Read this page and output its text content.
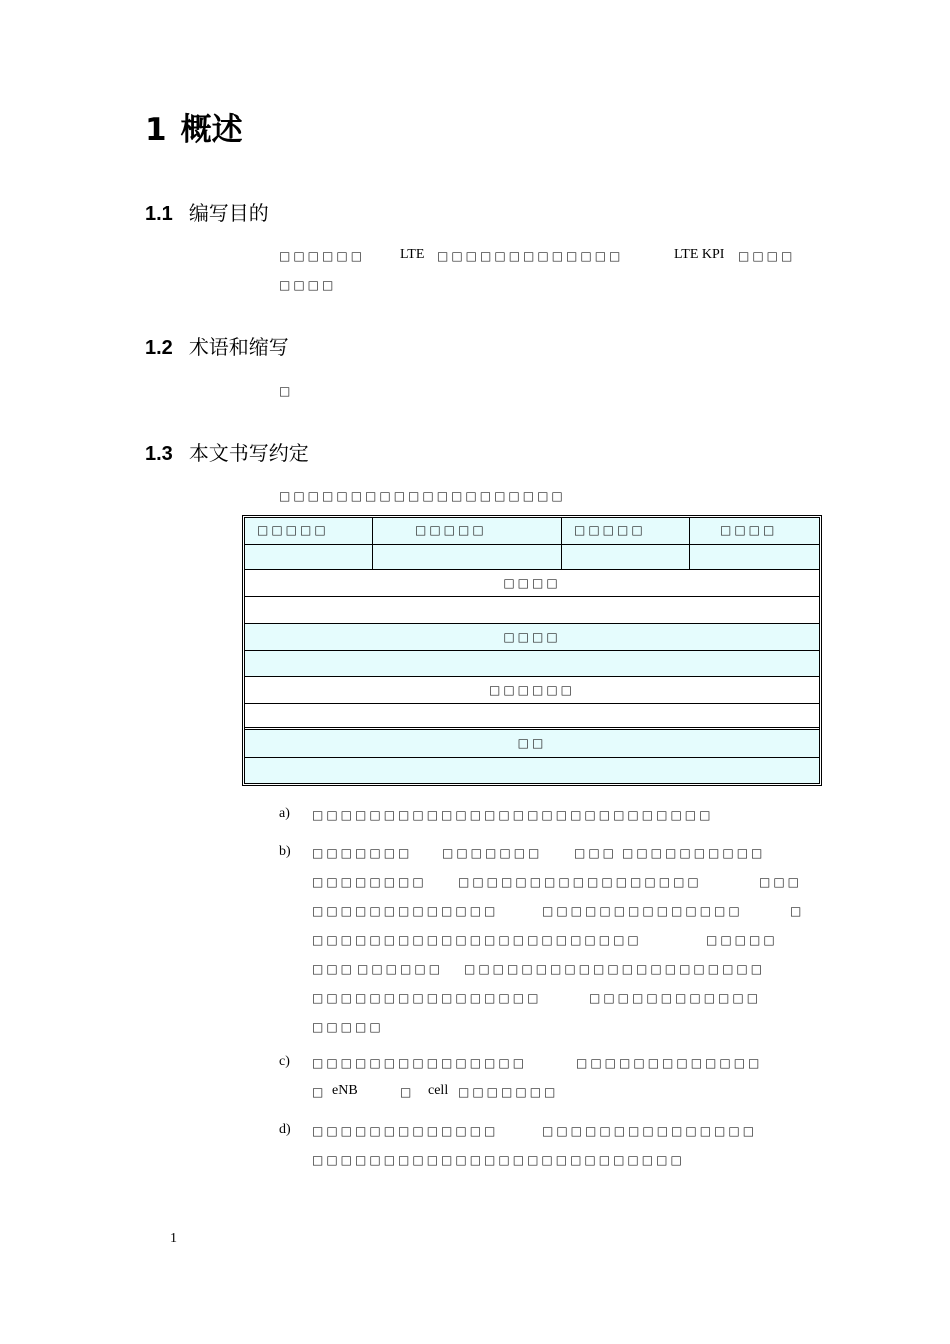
1 概述
1.1 编写目的
□□□□□□ LTE □□□□□□□□□□□□□	LTE KPI □□□□
□□□□
1.2 术语和缩写
□
1.3 本文书写约定
□□□□□□□□□□□□□□□□□□□□
□□□□□	□□□□□	□□□□□	□□□□
□□□□
□□□□
□□□□□□
□□
a) □□□□□□□□□□□□□□□□□□□□□□□□□□□□
b) □□□□□□□ □□□□□□□	□□□ □□□□□□□□□□
□□□□□□□□	□□□□□□□□□□□□□□□□□	□□□
□□□□□□□□□□□□□	□□□□□□□□□□□□□□	□
□□□□□□□□□□□□□□□□□□□□□□□	□□□□□
□□□ □□□□□□ □□□□□□□□□□□□□□□□□□□□□
□□□□□□□□□□□□□□□□	□□□□□□□□□□□□
□□□□□
c) □□□□□□□□□□□□□□□	□□□□□□□□□□□□□
□ eNB	□ cell □□□□□□□
d) □□□□□□□□□□□□□	□□□□□□□□□□□□□□□
□□□□□□□□□□□□□□□□□□□□□□□□□□
1
